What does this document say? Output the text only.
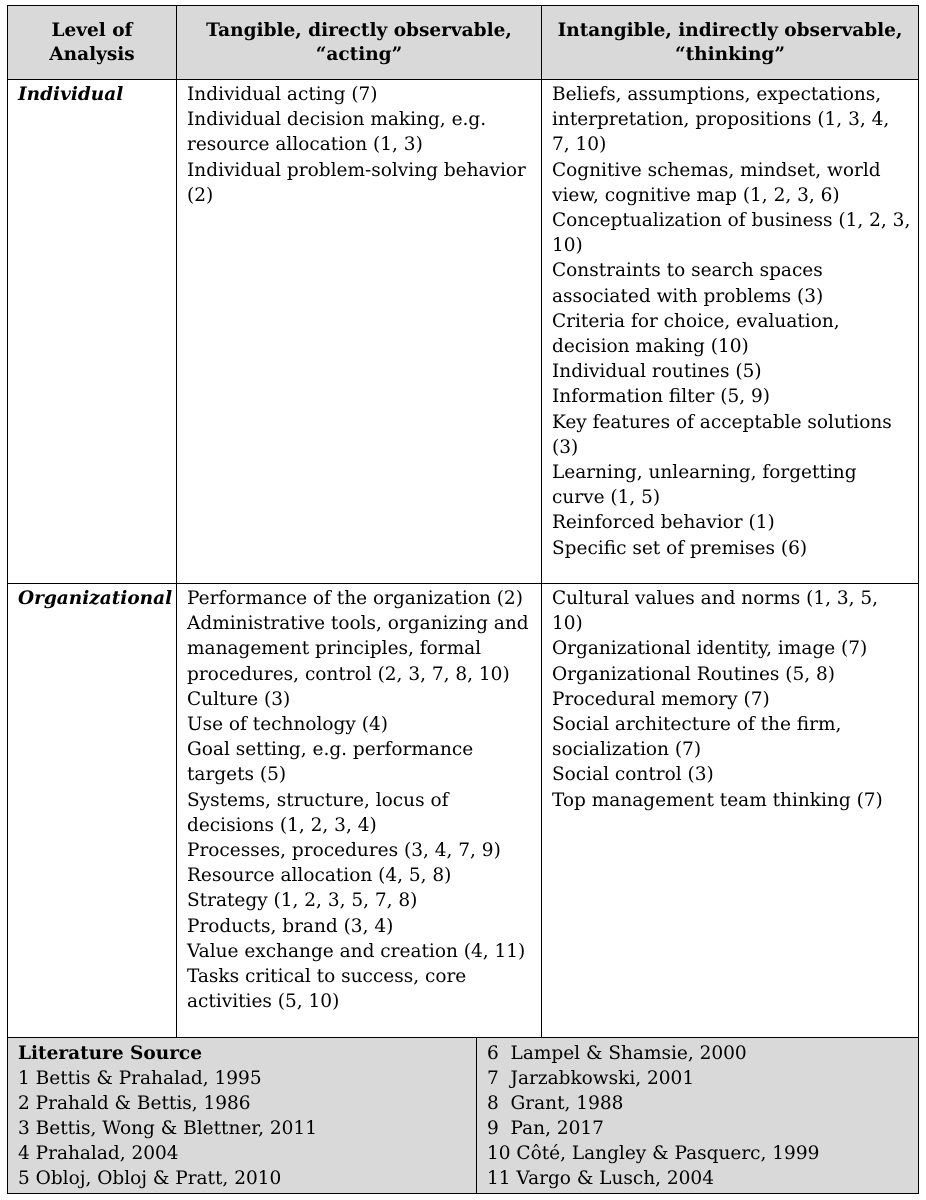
Level of
Analysis
Tangible, directly observable,
“acting”
Intangible, indirectly observable,
“thinking”
Individual	Individual acting (7)
Individual decision making, e.g. resource allocation (1, 3)
Individual problem-solving behavior (2)
Beliefs, assumptions, expectations, interpretation, propositions (1, 3, 4, 7, 10)
Cognitive schemas, mindset, world view, cognitive map (1, 2, 3, 6)
Conceptualization of business (1, 2, 3, 10)
Constraints to search spaces associated with problems (3)
Criteria for choice, evaluation, decision making (10)
Individual routines (5)
Information filter (5, 9)
Key features of acceptable solutions (3)
Learning, unlearning, forgetting curve (1, 5)
Reinforced behavior (1)
Specific set of premises (6)
Organizational Performance of the organization (2)
Administrative tools, organizing and management principles, formal procedures, control (2, 3, 7, 8, 10)
Culture (3)
Use of technology (4)
Goal setting, e.g. performance targets (5)
Systems, structure, locus of decisions (1, 2, 3, 4)
Processes, procedures (3, 4, 7, 9)
Resource allocation (4, 5, 8)
Strategy (1, 2, 3, 5, 7, 8)
Products, brand (3, 4)
Value exchange and creation (4, 11)
Tasks critical to success, core activities (5, 10)
Cultural values and norms (1, 3, 5, 10)
Organizational identity, image (7)
Organizational Routines (5, 8)
Procedural memory (7)
Social architecture of the firm, socialization (7)
Social control (3)
Top management team thinking (7)
Literature Source
1 Bettis & Prahalad, 1995
2 Prahald & Bettis, 1986
3 Bettis, Wong & Blettner, 2011
4 Prahalad, 2004
5 Obloj, Obloj & Pratt, 2010
6  Lampel & Shamsie, 2000
7  Jarzabkowski, 2001
8  Grant, 1988
9  Pan, 2017
10 Côté, Langley & Pasquerc, 1999
11 Vargo & Lusch, 2004
